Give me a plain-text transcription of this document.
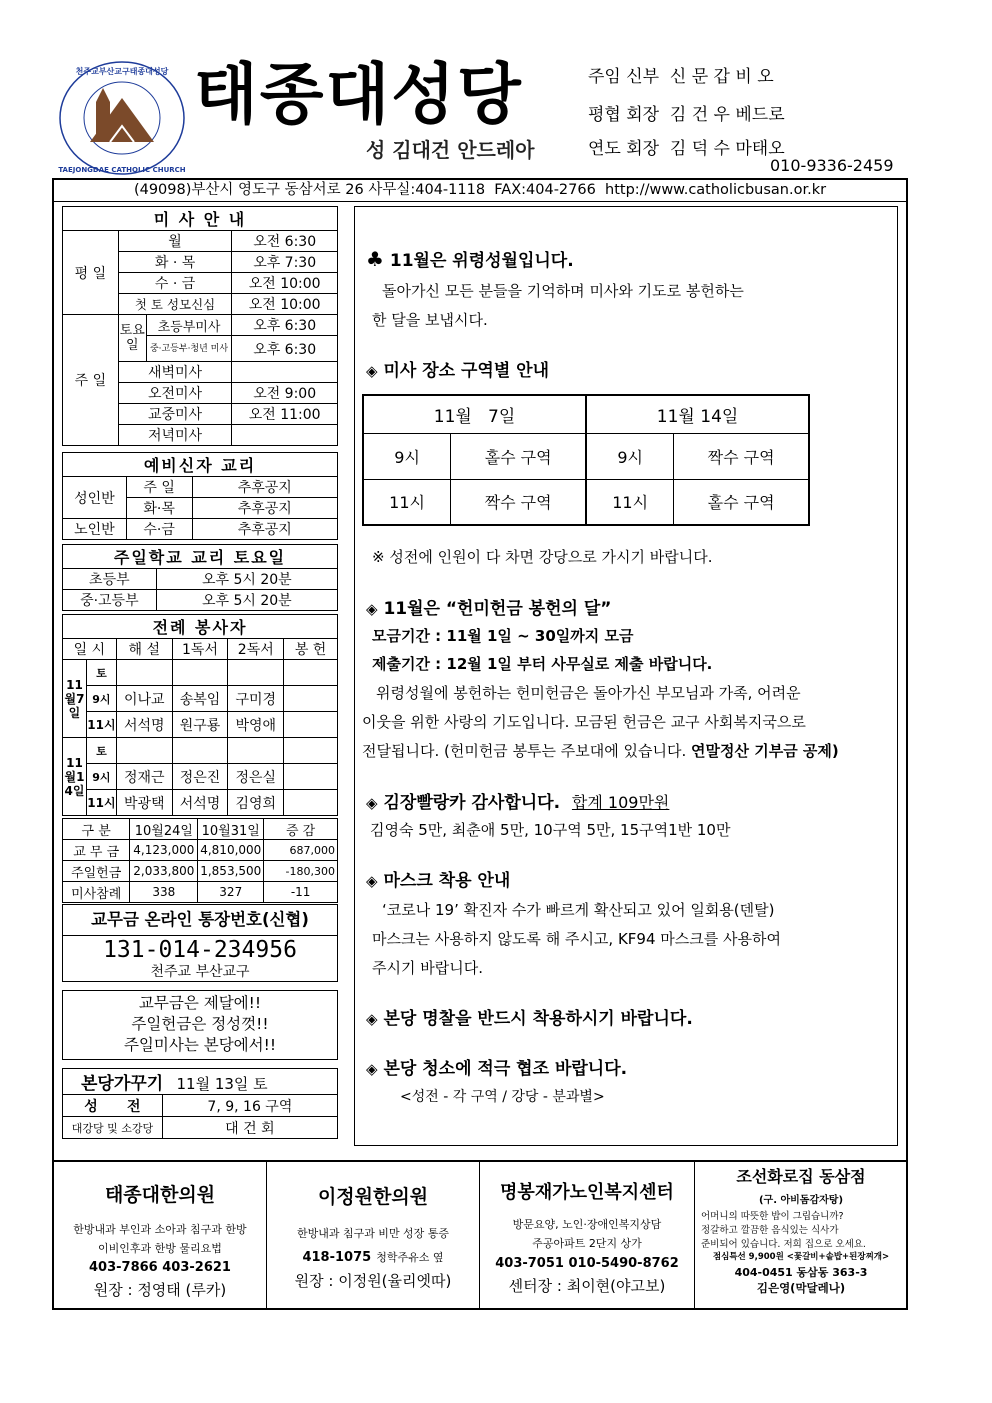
천주교부산교구태종대성당
TAEJONGDAE CATHOLIC CHURCH
태종대성당
성 김대건 안드레아
주임 신부 신 문 갑 비 오
평협 회장 김 건 우 베드로
연도 회장 김 덕 수 마태오
010-9336-2459
(49098)부산시 영도구 동삼서로 26 사무실:404-1118  FAX:404-2766  http://www.catholicbusan.or.kr
미 사 안 내			
평 일	월		오전 6:30
	화 · 목		오후 7:30
	수 · 금		오전 10:00
	첫 토 성모신심		오전 10:00
주 일	토요일	초등부미사	오후 6:30
		중·고등부·청년 미사	오후 6:30
	새벽미사		
	오전미사		오전 9:00
	교중미사		오전 11:00
	저녁미사		
예비신자 교리		
성인반	주 일	추후공지
	화·목	추후공지
노인반	수·금	추후공지
주일학교 교리 토요일	
초등부	오후 5시 20분
중·고등부	오후 5시 20분
전례 봉사자					
일 시		해 설	1독서	2독서	봉 헌
11월7일	토				
	9시	이나교	송복임	구미경	
	11시	서석명	원구룡	박영애	
11월14일	토				
	9시	정재근	정은진	정은실	
	11시	박광택	서석명	김영희	
구 분	10월24일	10월31일	증 감
교 무 금	4,123,000	4,810,000	687,000
주일헌금	2,033,800	1,853,500	-180,300
미사참례	338	327	-11
교무금 온라인 통장번호(신협)
131-014-234956
천주교 부산교구
교무금은 제달에!!
주일헌금은 정성껏!!
주일미사는 본당에서!!
본당가꾸기 11월 13일 토	
성      전	7, 9, 16 구역
대강당 및 소강당	대 건 회
♣ 11월은 위령성월입니다.
돌아가신 모든 분들을 기억하며 미사와 기도로 봉헌하는
한 달을 보냅시다.
◈ 미사 장소 구역별 안내
11월   7일		11월 14일	
9시	홀수 구역	9시	짝수 구역
11시	짝수 구역	11시	홀수 구역
※ 성전에 인원이 다 차면 강당으로 가시기 바랍니다.
◈ 11월은 “헌미헌금 봉헌의 달”
모금기간 : 11월 1일 ~ 30일까지 모금
제출기간 : 12월 1일 부터 사무실로 제출 바랍니다.
위령성월에 봉헌하는 헌미헌금은 돌아가신 부모님과 가족, 어려운
이웃을 위한 사랑의 기도입니다. 모금된 헌금은 교구 사회복지국으로
전달됩니다. (헌미헌금 봉투는 주보대에 있습니다. 연말정산 기부금 공제)
◈ 김장빨랑카 감사합니다. 합계 109만원
김영숙 5만, 최춘애 5만, 10구역 5만, 15구역1반 10만
◈ 마스크 착용 안내
‘코로나 19’ 확진자 수가 빠르게 확산되고 있어 일회용(덴탈)
마스크는 사용하지 않도록 해 주시고, KF94 마스크를 사용하여
주시기 바랍니다.
◈ 본당 명찰을 반드시 착용하시기 바랍니다.
◈ 본당 청소에 적극 협조 바랍니다.
<성전 - 각 구역 / 강당 - 분과별>
태종대한의원
한방내과 부인과 소아과 침구과 한방
이비인후과 한방 물리요법
403-7866 403-2621
원장 : 정영태 (루카)
이정원한의원
한방내과 침구과 비만 성장 통증
418-1075 청학주유소 옆
원장 : 이정원(율리엣따)
명봉재가노인복지센터
방문요양, 노인·장애인복지상담
주공아파트 2단지 상가
403-7051 010-5490-8762
센터장 : 최이현(야고보)
조선화로집 동삼점
(구. 아비돔감자탕)
어머니의 따뜻한 밥이 그립습니까?
정갈하고 깔끔한 음식있는 식사가
준비되어 있습니다. 저희 집으로 오세요.
점심특선 9,900원 <꽃갈비+솥밥+된장찌개>
404-0451 동삼동 363-3
김은영(막달레나)
